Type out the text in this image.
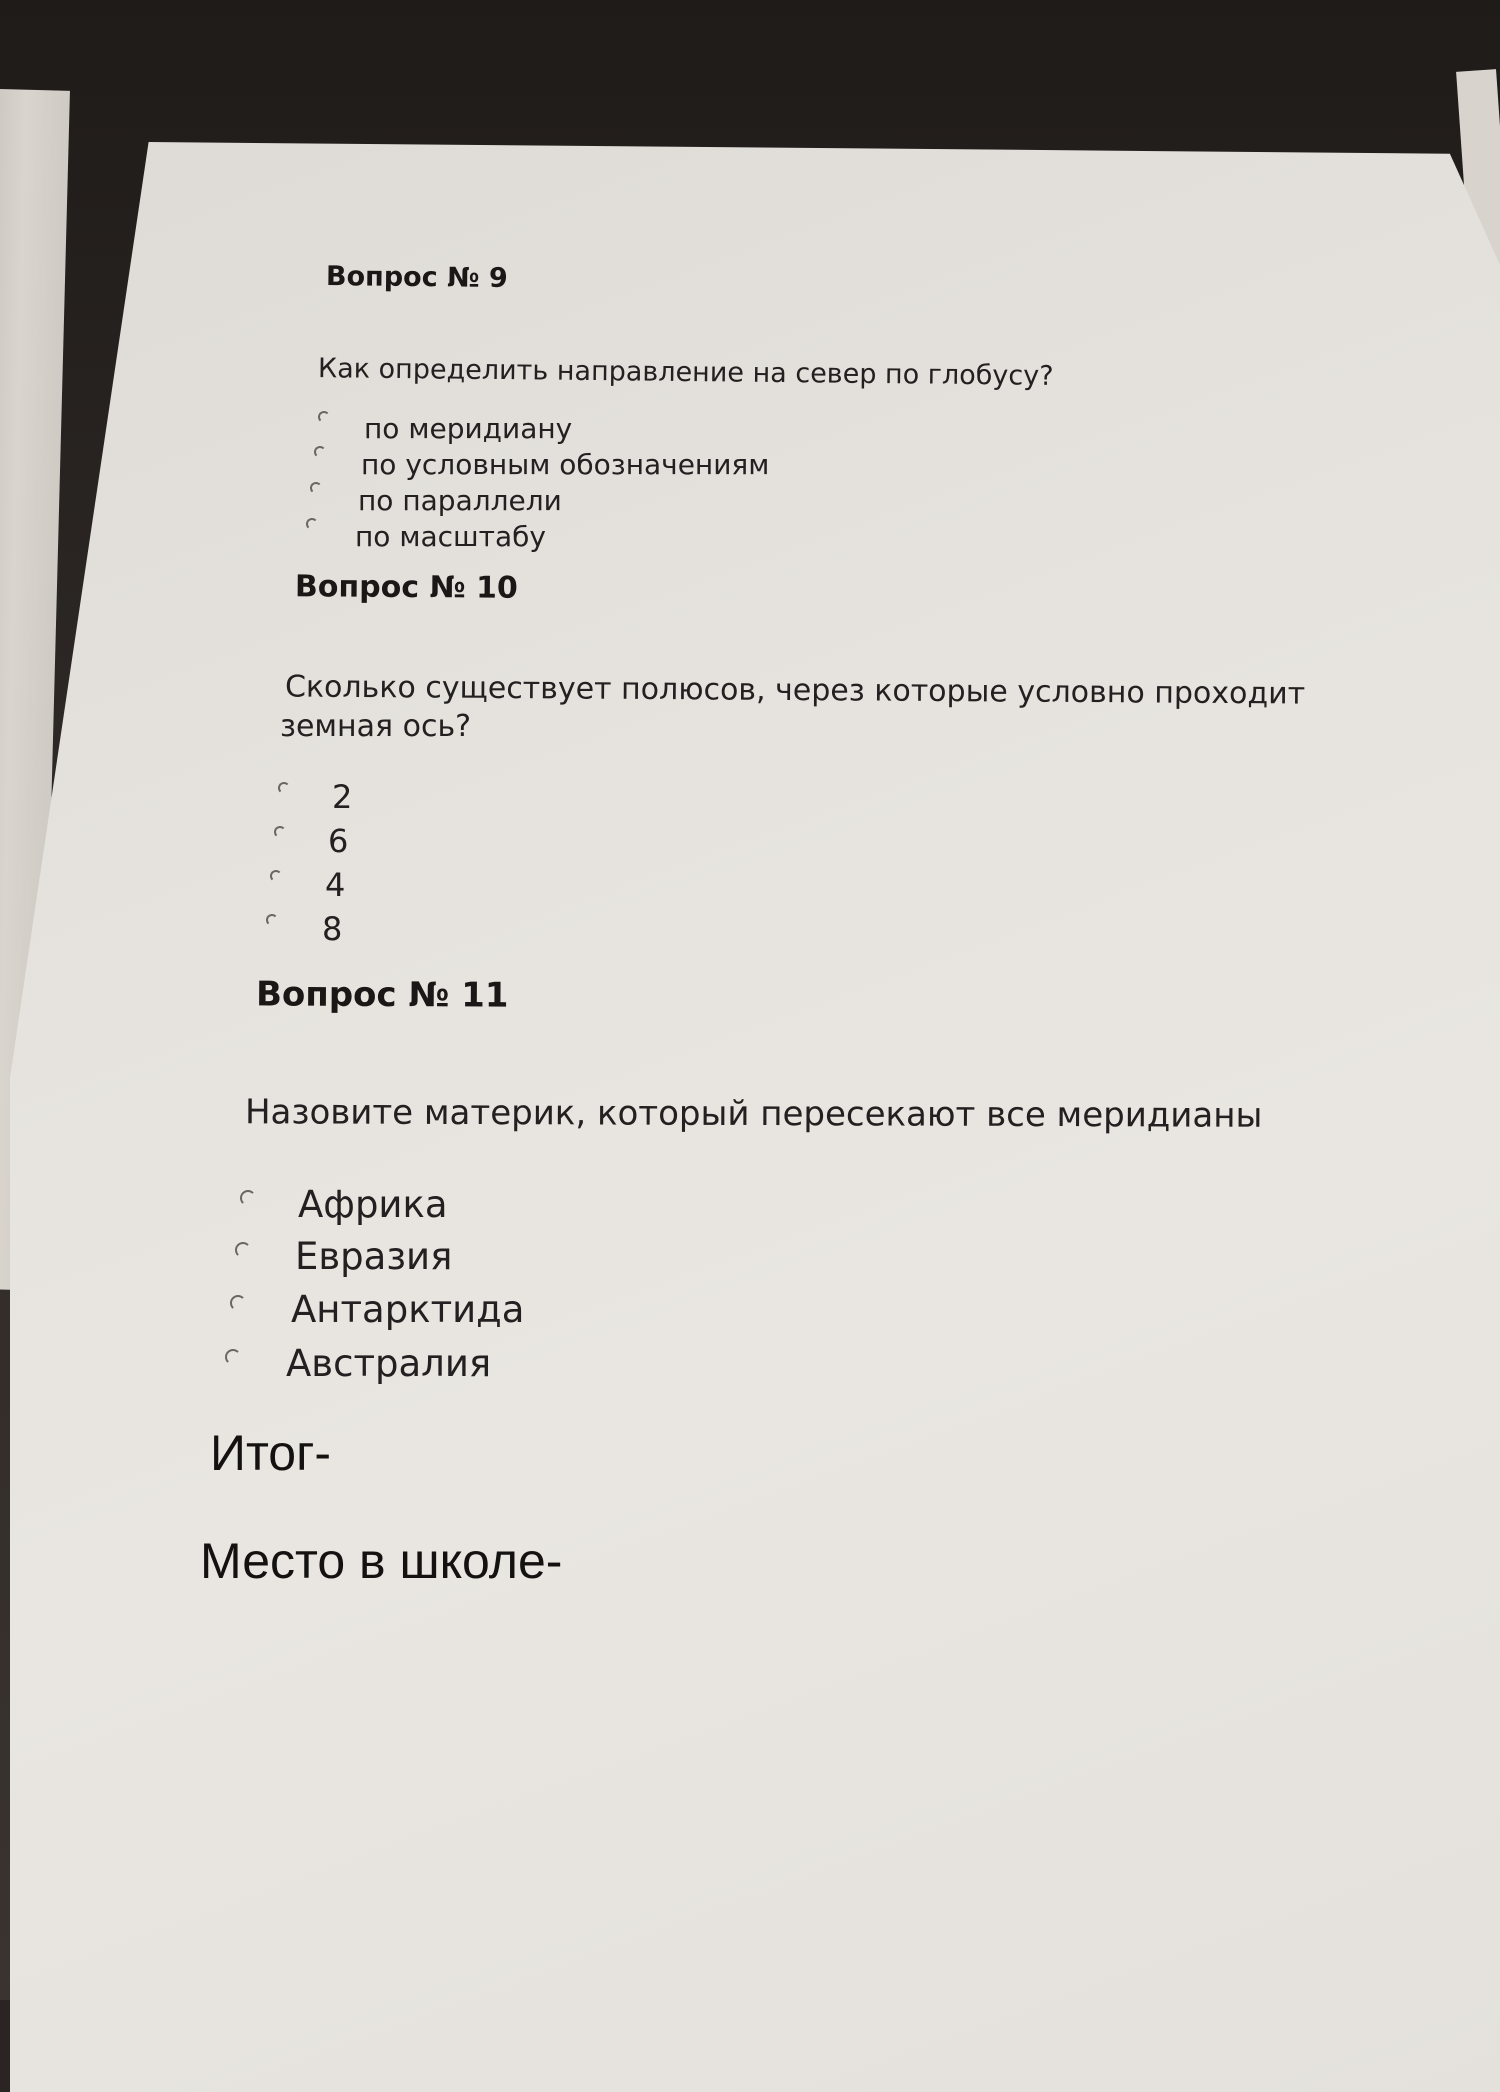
Вопрос № 9
Как определить направление на север по глобусу?
по меридиану
по условным обозначениям
по параллели
по масштабу
Вопрос № 10
Сколько существует полюсов, через которые условно проходит
земная ось?
2
6
4
8
Вопрос № 11
Назовите материк, который пересекают все меридианы
Африка
Евразия
Антарктида
Австралия
Итог-
Место в школе-
